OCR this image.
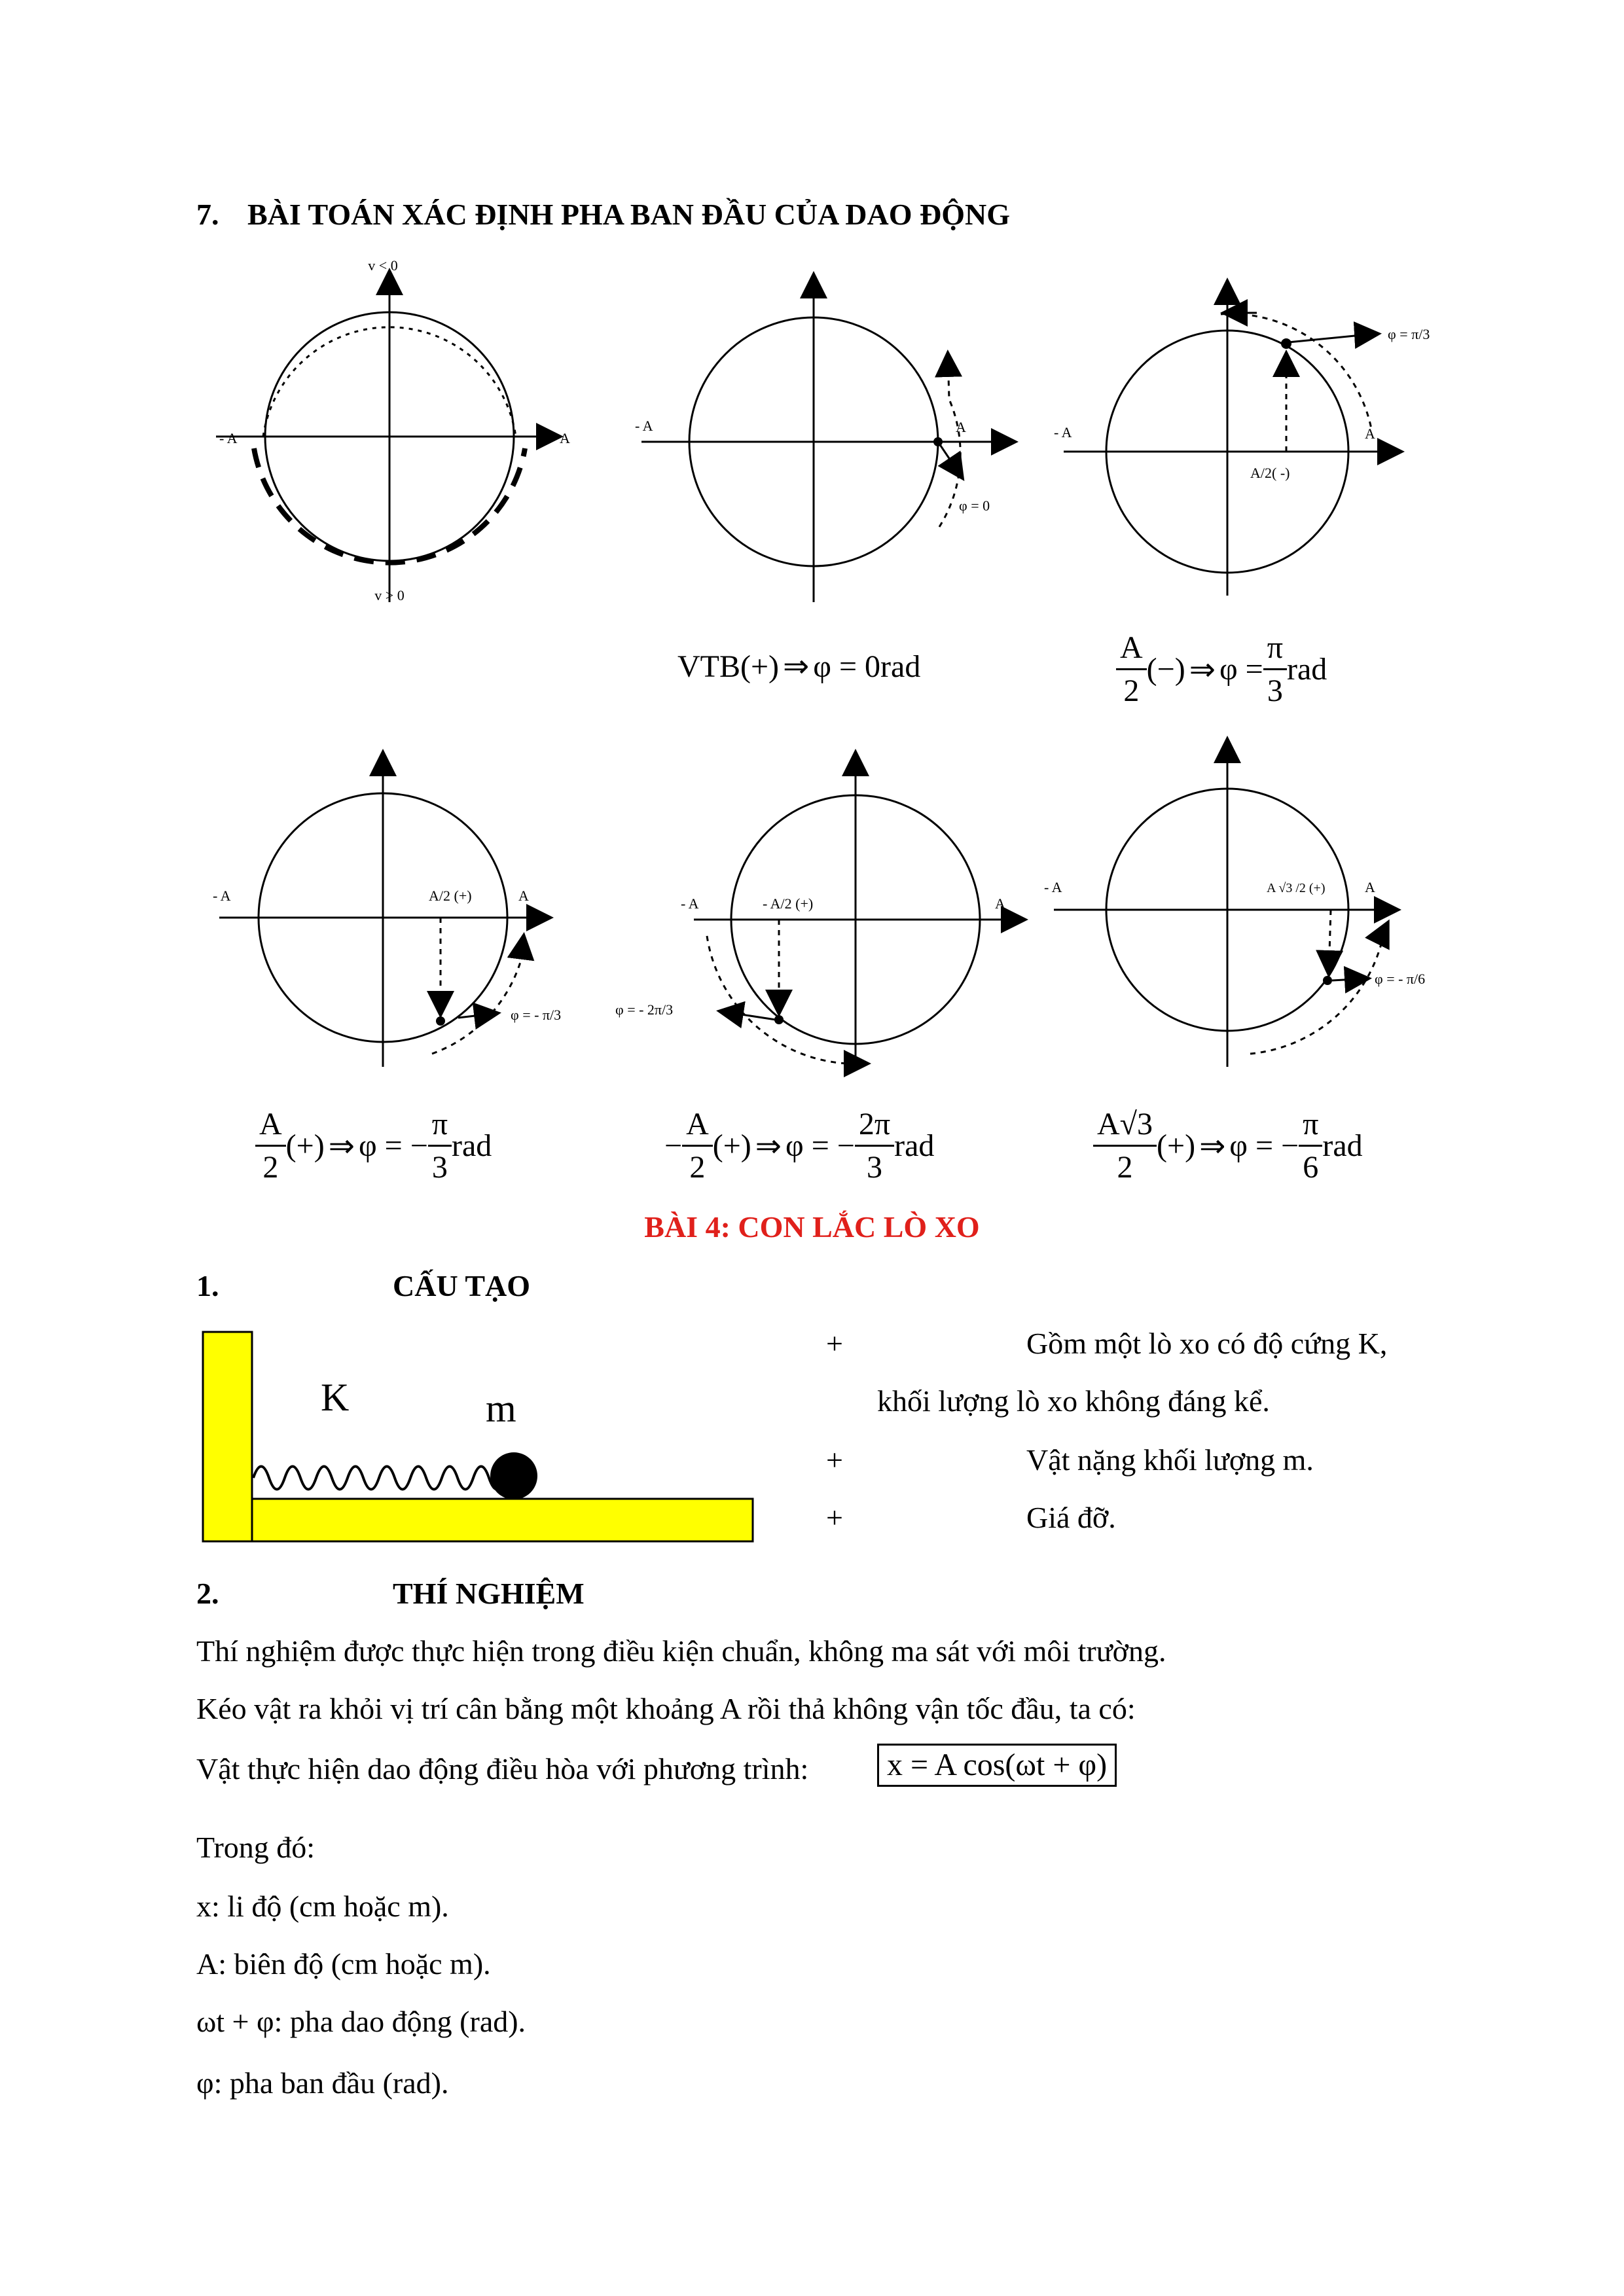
7. BÀI TOÁN XÁC ĐỊNH PHA BAN ĐẦU CỦA DAO ĐỘNG
v < 0
v > 0
- A	A
- A	A
φ = 0
- A	A
A/2( -)
φ = π/3
VTB (+) ⇒ φ = 0 rad	$\frac{A}{2}$ (−) ⇒ $\varphi = \frac{\pi}{3}$ rad
- A	A
A/2 (+)
φ = - π/3
- A	A
- A/2 (+)
φ = - 2π/3
- A	A
A √3 /2 (+)
φ = - π/6
$\frac{A}{2}$ (+) ⇒ φ = − $\frac{\pi}{3}$ rad	− $\frac{A}{2}$ (+) ⇒ φ = − $\frac{2\pi}{3}$ rad	$\frac{A√3}{2}$ (+) ⇒ φ = − $\frac{\pi}{6}$ rad
BÀI 4: CON LẮC LÒ XO
1.	CẤU TẠO
K	m
+	Gồm một lò xo có độ cứng K,
khối lượng lò xo không đáng kể.
+	Vật nặng khối lượng m.
+	Giá đỡ.
2.	THÍ NGHIỆM
Thí nghiệm được thực hiện trong điều kiện chuẩn, không ma sát với môi trường.
Kéo vật ra khỏi vị trí cân bằng một khoảng A rồi thả không vận tốc đầu, ta có:
Vật thực hiện dao động điều hòa với phương trình:	x = A cos(ωt + φ)
Trong đó:
x: li độ (cm hoặc m).
A: biên độ (cm hoặc m).
ωt + φ: pha dao động (rad).
φ: pha ban đầu (rad).
